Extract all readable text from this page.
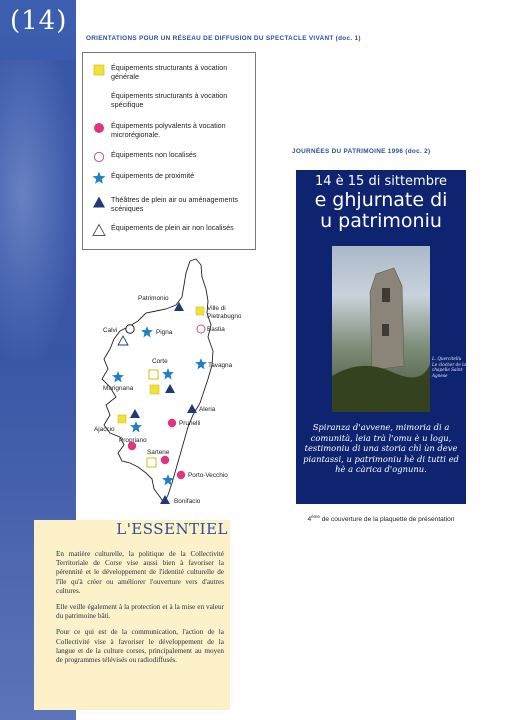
(14)
ORIENTATIONS POUR UN RÉSEAU DE DIFFUSION DU SPECTACLE VIVANT (doc. 1)
Équipements structurants à vocation générale
Équipements structurants à vocation spécifique
Équipements polyvalents à vocation microrégionale.
Équipements non localisés
Équipements de proximité
Théâtres de plein air ou aménagements scéniques
Équipements de plein air non localisés
Patrimonio
Ville di Pietrabugno
Bastia
Calvi	Pigna
Corte
Tavagna
Marignana
Aleria
Prunelli
Ajaccio
Propriano
Sartene
Porto-Vecchio
Bonifacio
JOURNÉES DU PATRIMOINE 1996 (doc. 2)
14 è 15 di sittembre
e ghjurnate di
u patrimoniu
L. Quercitellu Le clocher de la chapelle Saint-Agnese
Spiranza d'avvene, mimoria di a comunità, leia trà l'omu è u logu, testimoniu di una storia chì ùn deve piantassi, u patrimoniu hè di tutti ed hè a càrica d'ognunu.
4ème de couverture de la plaquette de présentation
L'ESSENTIEL

En matière culturelle, la politique de la Collectivité Territoriale de Corse vise aussi bien à favoriser la pérennité et le développement de l'identité culturelle de l'île qu'à créer ou améliorer l'ouverture vers d'autres cultures.

Elle veille également à la protection et à la mise en valeur du patrimoine bâti.

Pour ce qui est de la communication, l'action de la Collectivité vise à favoriser le développement de la langue et de la culture corses, principalement au moyen de programmes télévisés ou radiodiffusés.
